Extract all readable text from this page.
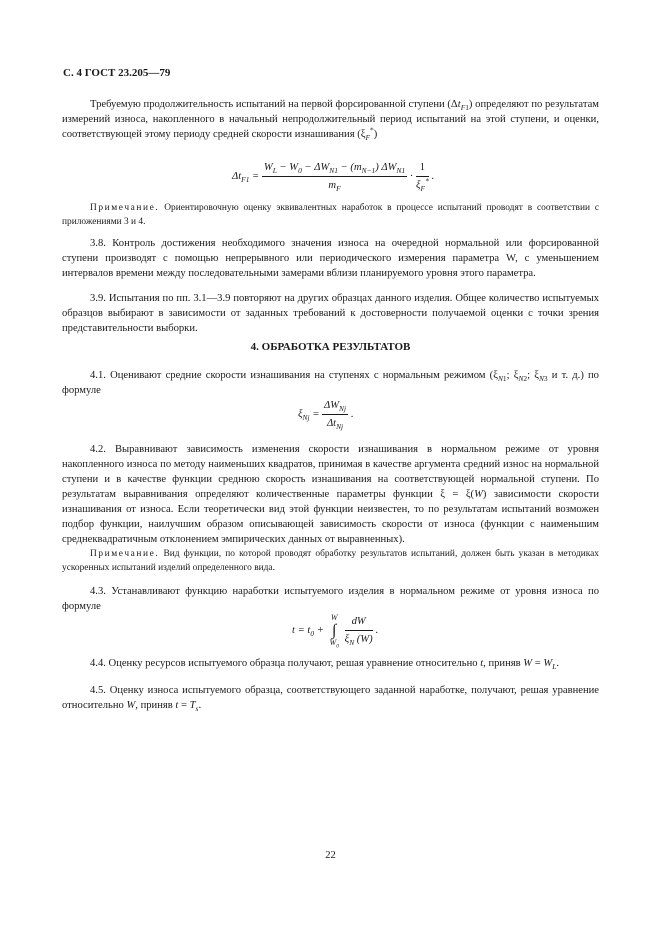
С. 4 ГОСТ 23.205—79

Требуемую продолжительность испытаний на первой форсированной ступени $(\Delta t_{F1})$ определяют по результатам измерений износа, накопленного в начальный непродолжительный период испытаний на этой ступени, и оценки, соответствующей этому периоду средней скорости изнашивания $(\xi_F^*)$

$\Delta t_{F1} = \frac{W_L - W_0 - \Delta W_{N1} - (m_{N-1}) \Delta W_{N1}}{m_F} \cdot \frac{1}{\xi_F^*}$ .

Примечание. Ориентировочную оценку эквивалентных наработок в процессе испытаний проводят в соответствии с приложениями 3 и 4.

3.8. Контроль достижения необходимого значения износа на очередной нормальной или форсированной ступени производят с помощью непрерывного или периодического измерения параметра W, с уменьшением интервалов времени между последовательными замерами вблизи планируемого уровня этого параметра.

3.9. Испытания по пп. 3.1—3.9 повторяют на других образцах данного изделия. Общее количество испытуемых образцов выбирают в зависимости от заданных требований к достоверности получаемой оценки с точки зрения представительности выборки.

4. ОБРАБОТКА РЕЗУЛЬТАТОВ

4.1. Оценивают средние скорости изнашивания на ступенях с нормальным режимом ($\xi_{N1}$; $\xi_{N2}$; $\xi_{N3}$ и т. д.) по формуле

$\xi_{Nj} = \frac{\Delta W_{Nj}}{\Delta t_{Nj}}$ .

4.2. Выравнивают зависимость изменения скорости изнашивания в нормальном режиме от уровня накопленного износа по методу наименьших квадратов, принимая в качестве аргумента средний износ на нормальной ступени и в качестве функции среднюю скорость изнашивания на соответствующей нормальной ступени. По результатам выравнивания определяют количественные параметры функции ξ = ξ(W) зависимости скорости изнашивания от износа. Если теоретически вид этой функции неизвестен, то по результатам испытаний возможен подбор функции, наилучшим образом описывающей зависимость скорости от износа (функции с наименьшим среднеквадратичным отклонением эмпирических данных от выравненных).

Примечание. Вид функции, по которой проводят обработку результатов испытаний, должен быть указан в методиках ускоренных испытаний изделий определенного вида.

4.3. Устанавливают функцию наработки испытуемого изделия в нормальном режиме от уровня износа по формуле

$t = t_0$ +
W
∫
$W_0$
$\frac{dW}{\xi_N (W)}$ .

4.4. Оценку ресурсов испытуемого образца получают, решая уравнение относительно t, приняв $W = W_L$.

4.5. Оценку износа испытуемого образца, соответствующего заданной наработке, получают, решая уравнение относительно W, приняв $t = T_s$.

22
